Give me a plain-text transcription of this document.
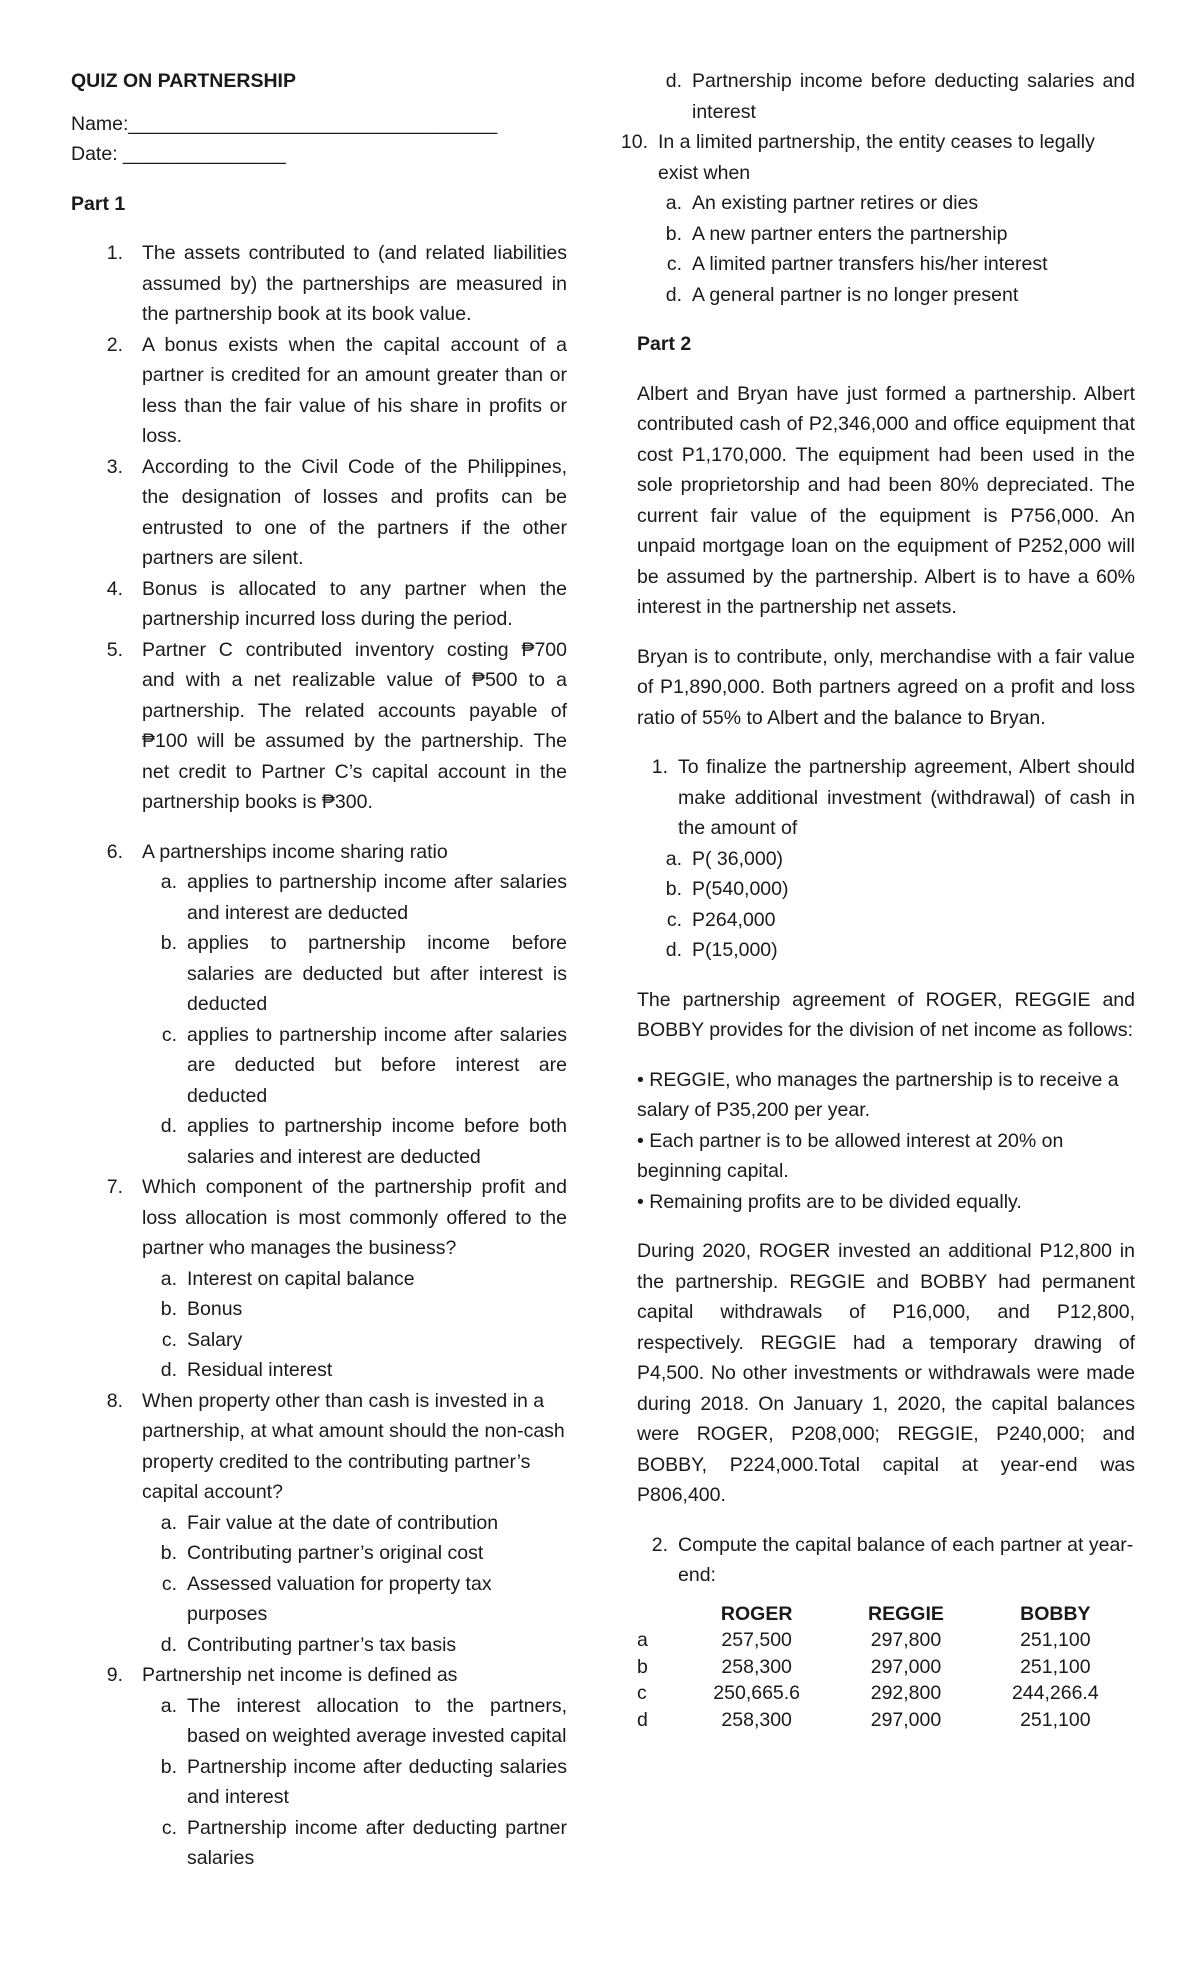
QUIZ ON PARTNERSHIP

Name:__________________________________

Date: _______________

Part 1

1. The assets contributed to (and related liabilities assumed by) the partnerships are measured in the partnership book at its book value.
2. A bonus exists when the capital account of a partner is credited for an amount greater than or less than the fair value of his share in profits or loss.
3. According to the Civil Code of the Philippines, the designation of losses and profits can be entrusted to one of the partners if the other partners are silent.
4. Bonus is allocated to any partner when the partnership incurred loss during the period.
5. Partner C contributed inventory costing ₱700 and with a net realizable value of ₱500 to a partnership. The related accounts payable of ₱100 will be assumed by the partnership. The net credit to Partner C’s capital account in the partnership books is ₱300.
6. A partnerships income sharing ratio
a. applies to partnership income after salaries and interest are deducted
b. applies to partnership income before salaries are deducted but after interest is deducted
c. applies to partnership income after salaries are deducted but before interest are deducted
d. applies to partnership income before both salaries and interest are deducted
7. Which component of the partnership profit and loss allocation is most commonly offered to the partner who manages the business?
a. Interest on capital balance
b. Bonus
c. Salary
d. Residual interest
8. When property other than cash is invested in a partnership, at what amount should the non-cash property credited to the contributing partner’s capital account?
a. Fair value at the date of contribution
b. Contributing partner’s original cost
c. Assessed valuation for property tax purposes
d. Contributing partner’s tax basis
9. Partnership net income is defined as
a. The interest allocation to the partners, based on weighted average invested capital
b. Partnership income after deducting salaries and interest
c. Partnership income after deducting partner salaries
d. Partnership income before deducting salaries and interest
10. In a limited partnership, the entity ceases to legally exist when
a. An existing partner retires or dies
b. A new partner enters the partnership
c. A limited partner transfers his/her interest
d. A general partner is no longer present

Part 2

Albert and Bryan have just formed a partnership. Albert contributed cash of P2,346,000 and office equipment that cost P1,170,000. The equipment had been used in the sole proprietorship and had been 80% depreciated. The current fair value of the equipment is P756,000. An unpaid mortgage loan on the equipment of P252,000 will be assumed by the partnership. Albert is to have a 60% interest in the partnership net assets.

Bryan is to contribute, only, merchandise with a fair value of P1,890,000. Both partners agreed on a profit and loss ratio of 55% to Albert and the balance to Bryan.

1. To finalize the partnership agreement, Albert should make additional investment (withdrawal) of cash in the amount of
a. P( 36,000)
b. P(540,000)
c. P264,000
d. P(15,000)

The partnership agreement of ROGER, REGGIE and BOBBY provides for the division of net income as follows:

• REGGIE, who manages the partnership is to receive a salary of P35,200 per year.

• Each partner is to be allowed interest at 20% on beginning capital.

• Remaining profits are to be divided equally.

During 2020, ROGER invested an additional P12,800 in the partnership. REGGIE and BOBBY had permanent capital withdrawals of P16,000, and P12,800, respectively. REGGIE had a temporary drawing of P4,500. No other investments or withdrawals were made during 2018. On January 1, 2020, the capital balances were ROGER, P208,000; REGGIE, P240,000; and BOBBY, P224,000.Total capital at year-end was P806,400.

2. Compute the capital balance of each partner at year-end:
	ROGER	REGGIE	BOBBY
a	257,500	297,800	251,100
b	258,300	297,000	251,100
c	250,665.6	292,800	244,266.4
d	258,300	297,000	251,100
